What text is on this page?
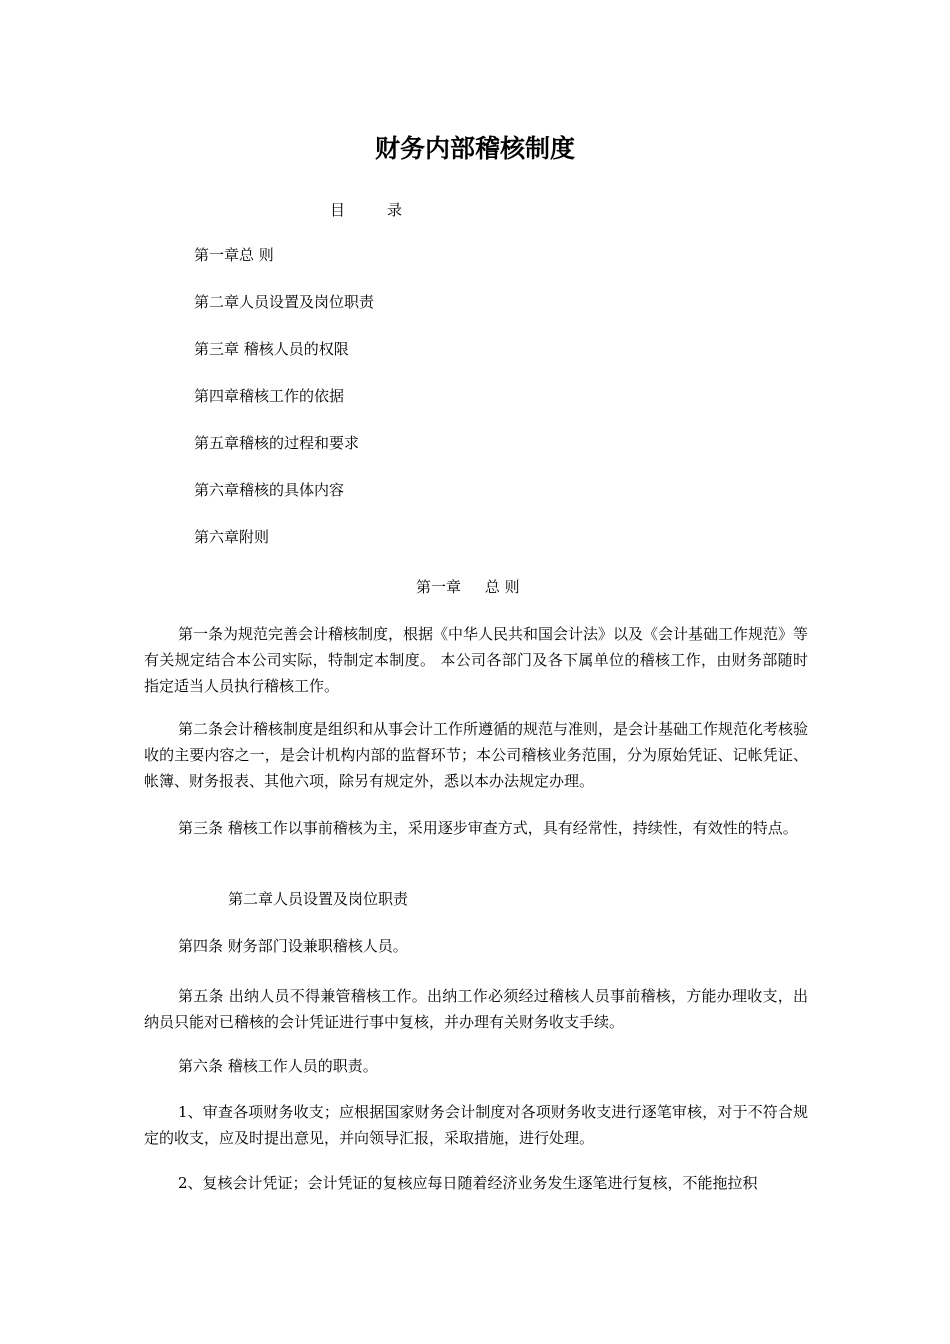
财务内部稽核制度
目	录
第一章总 则
第二章人员设置及岗位职责
第三章 稽核人员的权限
第四章稽核工作的依据
第五章稽核的过程和要求
第六章稽核的具体内容
第六章附则
第一章     总 则

第一条为规范完善会计稽核制度，根据《中华人民共和国会计法》以及《会计基础工作规范》等有关规定结合本公司实际，特制定本制度。 本公司各部门及各下属单位的稽核工作，由财务部随时指定适当人员执行稽核工作。

第二条会计稽核制度是组织和从事会计工作所遵循的规范与准则，是会计基础工作规范化考核验收的主要内容之一，是会计机构内部的监督环节；本公司稽核业务范围，分为原始凭证、记帐凭证、帐簿、财务报表、其他六项，除另有规定外，悉以本办法规定办理。

第三条 稽核工作以事前稽核为主，采用逐步审查方式，具有经常性，持续性，有效性的特点。

第二章人员设置及岗位职责

第四条 财务部门设兼职稽核人员。

第五条 出纳人员不得兼管稽核工作。出纳工作必须经过稽核人员事前稽核，方能办理收支，出纳员只能对已稽核的会计凭证进行事中复核，并办理有关财务收支手续。

第六条 稽核工作人员的职责。

1、审查各项财务收支；应根据国家财务会计制度对各项财务收支进行逐笔审核，对于不符合规定的收支，应及时提出意见，并向领导汇报，采取措施，进行处理。

2、复核会计凭证；会计凭证的复核应每日随着经济业务发生逐笔进行复核，不能拖拉积
